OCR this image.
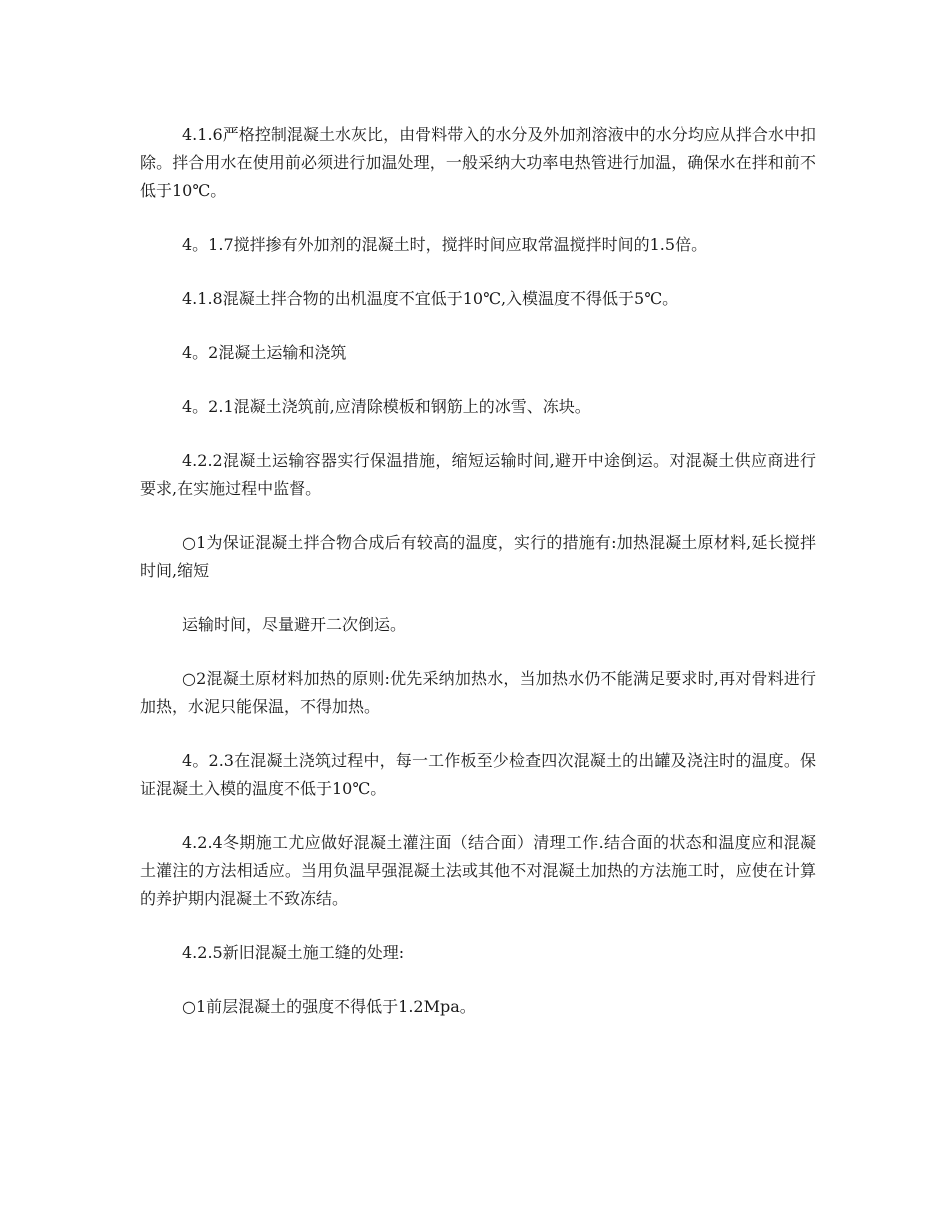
4.1.6严格控制混凝土水灰比，由骨料带入的水分及外加剂溶液中的水分均应从拌合水中扣除。拌合用水在使用前必须进行加温处理，一般采纳大功率电热管进行加温，确保水在拌和前不低于10℃。

4。1.7搅拌掺有外加剂的混凝土时，搅拌时间应取常温搅拌时间的1.5倍。

4.1.8混凝土拌合物的出机温度不宜低于10℃,入模温度不得低于5℃。

4。2混凝土运输和浇筑

4。2.1混凝土浇筑前,应清除模板和钢筋上的冰雪、冻块。

4.2.2混凝土运输容器实行保温措施，缩短运输时间,避开中途倒运。对混凝土供应商进行要求,在实施过程中监督。

○1为保证混凝土拌合物合成后有较高的温度，实行的措施有:加热混凝土原材料,延长搅拌时间,缩短

运输时间，尽量避开二次倒运。

○2混凝土原材料加热的原则:优先采纳加热水，当加热水仍不能满足要求时,再对骨料进行加热，水泥只能保温，不得加热。

4。2.3在混凝土浇筑过程中，每一工作板至少检查四次混凝土的出罐及浇注时的温度。保证混凝土入模的温度不低于10℃。

4.2.4冬期施工尤应做好混凝土灌注面（结合面）清理工作.结合面的状态和温度应和混凝土灌注的方法相适应。当用负温早强混凝土法或其他不对混凝土加热的方法施工时，应使在计算的养护期内混凝土不致冻结。

4.2.5新旧混凝土施工缝的处理:

○1前层混凝土的强度不得低于1.2Mpa。
